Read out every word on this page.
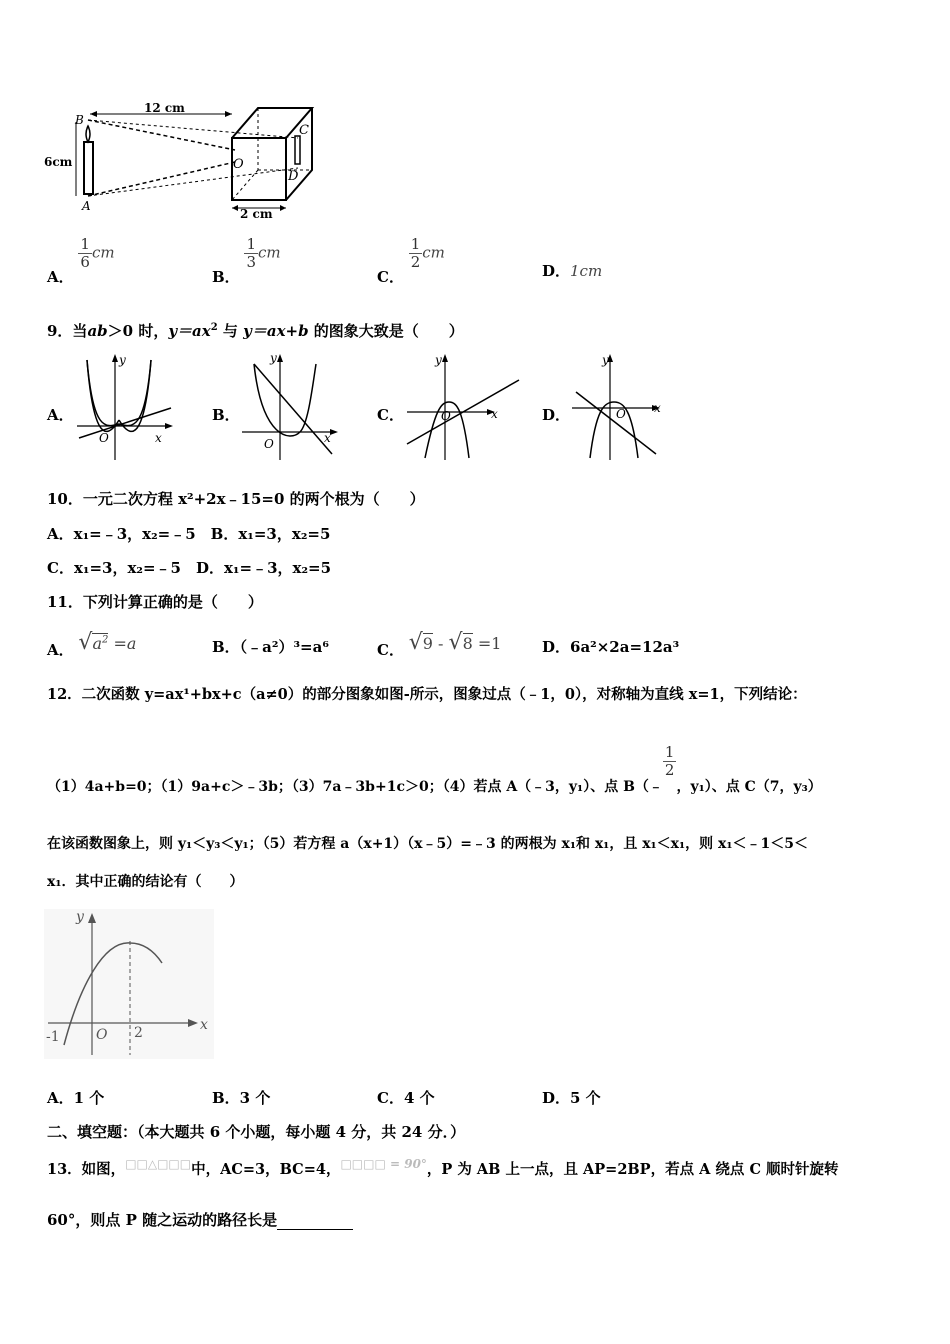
12 cm
B
A
6cm	O
C
D
2 cm
A．
$\frac{1}{6}$ cm
B．
$\frac{1}{3}$ cm
C．
$\frac{1}{2}$ cm
D．1cm
9．当ab＞0 时，$y=ax^2$ 与 y＝ax+b 的图象大致是（　　）
A．	B．	C．	D．
y
x
O
y
x
O
y
x
O
y
x
O
10．一元二次方程 x²+2x﹣15=0 的两个根为（　　）
A．x₁=﹣3，x₂=﹣5　B．x₁=3，x₂=5
C．x₁=3，x₂=﹣5　D．x₁=﹣3，x₂=5
11．下列计算正确的是（　　）
A． $√a^2 =a$	B．（﹣a²）³=a⁶	C． √9 - √8 =1	D．6a²×2a=12a³
12．二次函数 y=ax¹+bx+c（a≠0）的部分图象如图-所示，图象过点（﹣1，0），对称轴为直线 x=1，下列结论：
（1）4a+b=0；（1）9a+c＞﹣3b；（3）7a﹣3b+1c＞0；（4）若点 A（﹣3，y₁）、点 B（﹣
$\frac{1}{2}$
，y₁）、点 C（7，y₃）
在该函数图象上，则 y₁＜y₃＜y₁；（5）若方程 a（x+1）（x﹣5）=﹣3 的两根为 x₁和 x₁，且 x₁＜x₁，则 x₁＜﹣1＜5＜
x₁．其中正确的结论有（　　）
y
x
O
-1	2
A．1 个	B．3 个	C．4 个	D．5 个
二、填空题：（本大题共 6 个小题，每小题 4 分，共 24 分．）
13．如图，□□△□□□中，AC=3，BC=4，$^{□□□□ = 90^\circ}$，P 为 AB 上一点，且 AP=2BP，若点 A 绕点 C 顺时针旋转
60°，则点 P 随之运动的路径长是
